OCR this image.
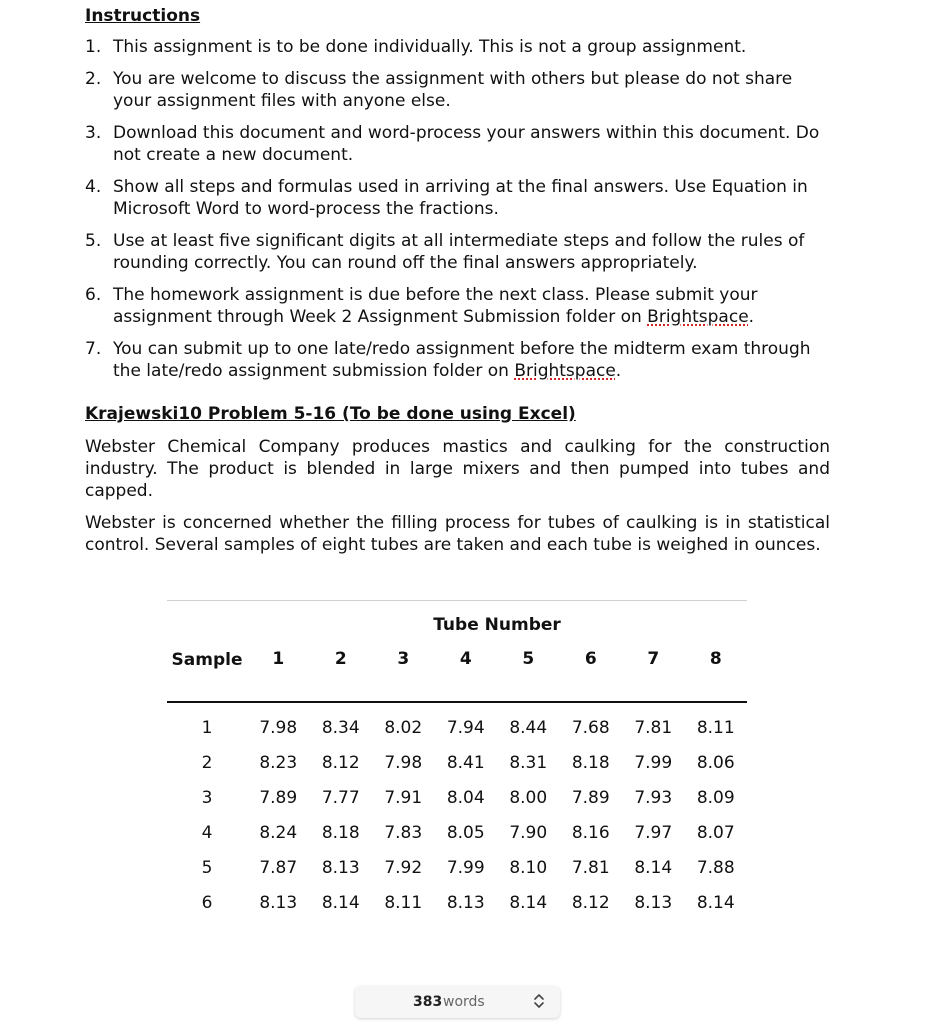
Instructions
1. This assignment is to be done individually. This is not a group assignment.
2. You are welcome to discuss the assignment with others but please do not share your assignment files with anyone else.
3. Download this document and word-process your answers within this document. Do not create a new document.
4. Show all steps and formulas used in arriving at the final answers. Use Equation in Microsoft Word to word-process the fractions.
5. Use at least five significant digits at all intermediate steps and follow the rules of rounding correctly. You can round off the final answers appropriately.
6. The homework assignment is due before the next class. Please submit your assignment through Week 2 Assignment Submission folder on Brightspace.
7. You can submit up to one late/redo assignment before the midterm exam through the late/redo assignment submission folder on Brightspace.
Krajewski10 Problem 5-16 (To be done using Excel)
Webster Chemical Company produces mastics and caulking for the construction industry. The product is blended in large mixers and then pumped into tubes and capped.
Webster is concerned whether the filling process for tubes of caulking is in statistical control. Several samples of eight tubes are taken and each tube is weighed in ounces.
	Tube Number							
Sample	1	2	3	4	5	6	7	8

1	7.98	8.34	8.02	7.94	8.44	7.68	7.81	8.11
2	8.23	8.12	7.98	8.41	8.31	8.18	7.99	8.06
3	7.89	7.77	7.91	8.04	8.00	7.89	7.93	8.09
4	8.24	8.18	7.83	8.05	7.90	8.16	7.97	8.07
5	7.87	8.13	7.92	7.99	8.10	7.81	8.14	7.88
6	8.13	8.14	8.11	8.13	8.14	8.12	8.13	8.14
383 words
